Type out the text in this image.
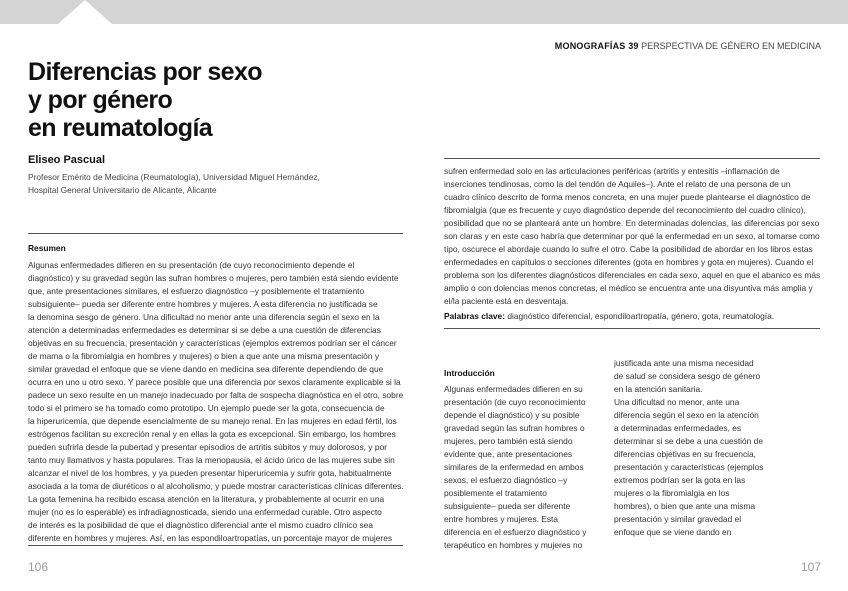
MONOGRAFÍAS 39 PERSPECTIVA DE GÉNERO EN MEDICINA
Diferencias por sexo
y por género
en reumatología
Eliseo Pascual
Profesor Emérito de Medicina (Reumatología), Universidad Miguel Hernández,
Hospital General Universitario de Alicante, Alicante
Resumen
Algunas enfermedades difieren en su presentación (de cuyo reconocimiento depende el
diagnóstico) y su gravedad según las sufran hombres o mujeres, pero también está siendo evidente
que, ante presentaciones similares, el esfuerzo diagnóstico –y posiblemente el tratamiento
subsiguiente– pueda ser diferente entre hombres y mujeres. A esta diferencia no justificada se
la denomina sesgo de género. Una dificultad no menor ante una diferencia según el sexo en la
atención a determinadas enfermedades es determinar si se debe a una cuestión de diferencias
objetivas en su frecuencia, presentación y características (ejemplos extremos podrían ser el cáncer
de mama o la fibromialgia en hombres y mujeres) o bien a que ante una misma presentación y
similar gravedad el enfoque que se viene dando en medicina sea diferente dependiendo de que
ocurra en uno u otro sexo. Y parece posible que una diferencia por sexos claramente explicable si la
padece un sexo resulte en un manejo inadecuado por falta de sospecha diagnóstica en el otro, sobre
todo si el primero se ha tomado como prototipo. Un ejemplo puede ser la gota, consecuencia de
la hiperuricemia, que depende esencialmente de su manejo renal. En las mujeres en edad fértil, los
estrógenos facilitan su excreción renal y en ellas la gota es excepcional. Sin embargo, los hombres
pueden sufrirla desde la pubertad y presentar episodios de artritis súbitos y muy dolorosos, y por
tanto muy llamativos y hasta populares. Tras la menopausia, el ácido úrico de las mujeres sube sin
alcanzar el nivel de los hombres, y ya pueden presentar hiperuricemia y sufrir gota, habitualmente
asociada a la toma de diuréticos o al alcoholismo, y puede mostrar características clínicas diferentes.
La gota femenina ha recibido escasa atención en la literatura, y probablemente al ocurrir en una
mujer (no es lo esperable) es infradiagnosticada, siendo una enfermedad curable. Otro aspecto
de interés es la posibilidad de que el diagnóstico diferencial ante el mismo cuadro clínico sea
diferente en hombres y mujeres. Así, en las espondiloartropatías, un porcentaje mayor de mujeres
sufren enfermedad solo en las articulaciones periféricas (artritis y entesitis –inflamación de
inserciones tendinosas, como la del tendón de Aquiles–). Ante el relato de una persona de un
cuadro clínico descrito de forma menos concreta, en una mujer puede plantearse el diagnóstico de
fibromialgia (que es frecuente y cuyo diagnóstico depende del reconocimiento del cuadro clínico),
posibilidad que no se planteará ante un hombre. En determinadas dolencias, las diferencias por sexo
son claras y en este caso habría que determinar por qué la enfermedad en un sexo, al tomarse como
tipo, oscurece el abordaje cuando lo sufre el otro. Cabe la posibilidad de abordar en los libros estas
enfermedades en capítulos o secciones diferentes (gota en hombres y gota en mujeres). Cuando el
problema son los diferentes diagnósticos diferenciales en cada sexo, aquel en que el abanico es más
amplio o con dolencias menos concretas, el médico se encuentra ante una disyuntiva más amplia y
el/la paciente está en desventaja.
Palabras clave: diagnóstico diferencial, espondiloartropatía, género, gota, reumatología.
Introducción
Algunas enfermedades difieren en su
presentación (de cuyo reconocimiento
depende el diagnóstico) y su posible
gravedad según las sufran hombres o
mujeres, pero también está siendo
evidente que, ante presentaciones
similares de la enfermedad en ambos
sexos, el esfuerzo diagnóstico –y
posiblemente el tratamiento
subsiguiente– pueda ser diferente
entre hombres y mujeres. Esta
diferencia en el esfuerzo diagnóstico y
terapéutico en hombres y mujeres no
justificada ante una misma necesidad
de salud se considera sesgo de género
en la atención sanitaria.
Una dificultad no menor, ante una
diferencia según el sexo en la atención
a determinadas enfermedades, es
determinar si se debe a una cuestión de
diferencias objetivas en su frecuencia,
presentación y características (ejemplos
extremos podrían ser la gota en las
mujeres o la fibromialgia en los
hombres), o bien que ante una misma
presentación y similar gravedad el
enfoque que se viene dando en
106	107
